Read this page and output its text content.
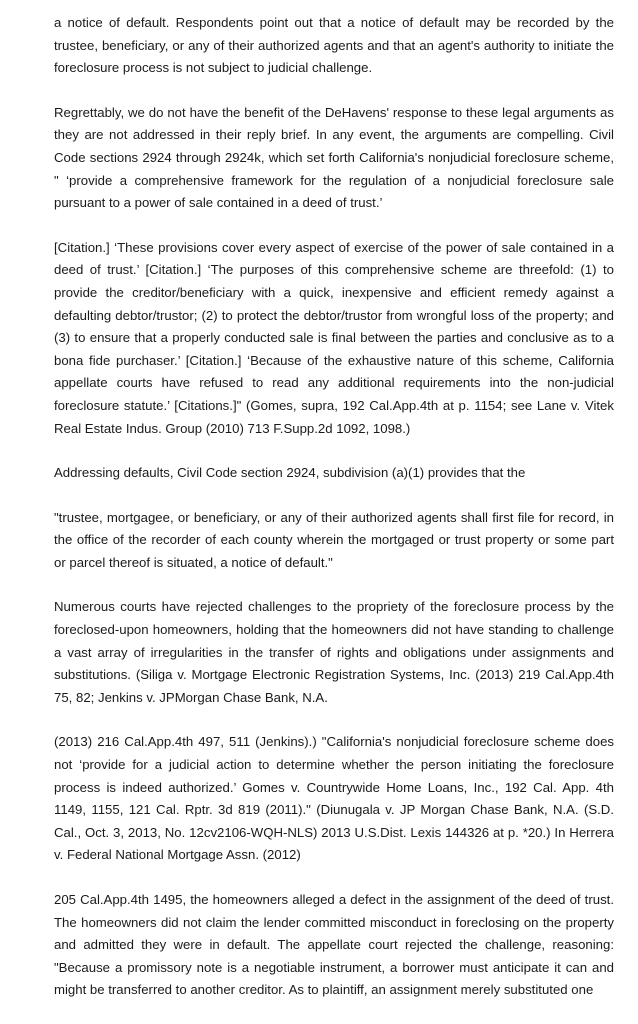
a notice of default. Respondents point out that a notice of default may be recorded by the trustee, beneficiary, or any of their authorized agents and that an agent's authority to initiate the foreclosure process is not subject to judicial challenge.

Regrettably, we do not have the benefit of the DeHavens' response to these legal arguments as they are not addressed in their reply brief. In any event, the arguments are compelling. Civil Code sections 2924 through 2924k, which set forth California's nonjudicial foreclosure scheme, " ‘provide a comprehensive framework for the regulation of a nonjudicial foreclosure sale pursuant to a power of sale contained in a deed of trust.’

[Citation.] ‘These provisions cover every aspect of exercise of the power of sale contained in a deed of trust.’ [Citation.] ‘The purposes of this comprehensive scheme are threefold: (1) to provide the creditor/beneficiary with a quick, inexpensive and efficient remedy against a defaulting debtor/trustor; (2) to protect the debtor/trustor from wrongful loss of the property; and (3) to ensure that a properly conducted sale is final between the parties and conclusive as to a bona fide purchaser.’ [Citation.] ‘Because of the exhaustive nature of this scheme, California appellate courts have refused to read any additional requirements into the non-judicial foreclosure statute.’ [Citations.]" (Gomes, supra, 192 Cal.App.4th at p. 1154; see Lane v. Vitek Real Estate Indus. Group (2010) 713 F.Supp.2d 1092, 1098.)

Addressing defaults, Civil Code section 2924, subdivision (a)(1) provides that the

"trustee, mortgagee, or beneficiary, or any of their authorized agents shall first file for record, in the office of the recorder of each county wherein the mortgaged or trust property or some part or parcel thereof is situated, a notice of default."

Numerous courts have rejected challenges to the propriety of the foreclosure process by the foreclosed-upon homeowners, holding that the homeowners did not have standing to challenge a vast array of irregularities in the transfer of rights and obligations under assignments and substitutions. (Siliga v. Mortgage Electronic Registration Systems, Inc. (2013) 219 Cal.App.4th 75, 82; Jenkins v. JPMorgan Chase Bank, N.A.

(2013) 216 Cal.App.4th 497, 511 (Jenkins).) "California's nonjudicial foreclosure scheme does not ‘provide for a judicial action to determine whether the person initiating the foreclosure process is indeed authorized.’ Gomes v. Countrywide Home Loans, Inc., 192 Cal. App. 4th 1149, 1155, 121 Cal. Rptr. 3d 819 (2011)." (Diunugala v. JP Morgan Chase Bank, N.A. (S.D. Cal., Oct. 3, 2013, No. 12cv2106-WQH-NLS) 2013 U.S.Dist. Lexis 144326 at p. *20.) In Herrera v. Federal National Mortgage Assn. (2012)

205 Cal.App.4th 1495, the homeowners alleged a defect in the assignment of the deed of trust. The homeowners did not claim the lender committed misconduct in foreclosing on the property and admitted they were in default. The appellate court rejected the challenge, reasoning: "Because a promissory note is a negotiable instrument, a borrower must anticipate it can and might be transferred to another creditor. As to plaintiff, an assignment merely substituted one
